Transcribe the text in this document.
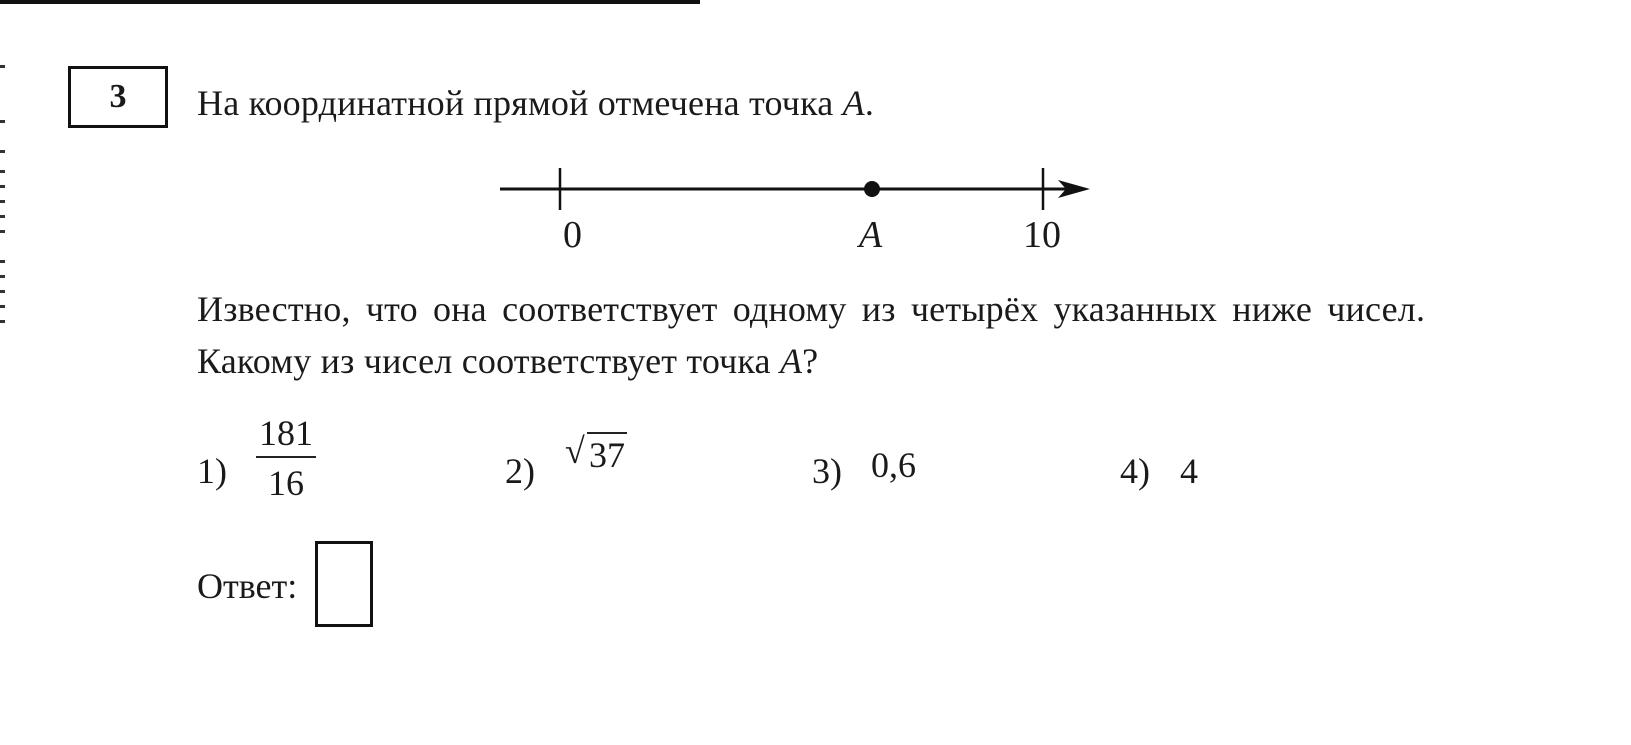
3 На координатной прямой отмечена точка A.
0	A	10
Известно, что она соответствует одному из четырёх указанных ниже чисел.
Какому из чисел соответствует точка A?
1)
181
16	2) √ 37	3) 0,6	4) 4
Ответ:
